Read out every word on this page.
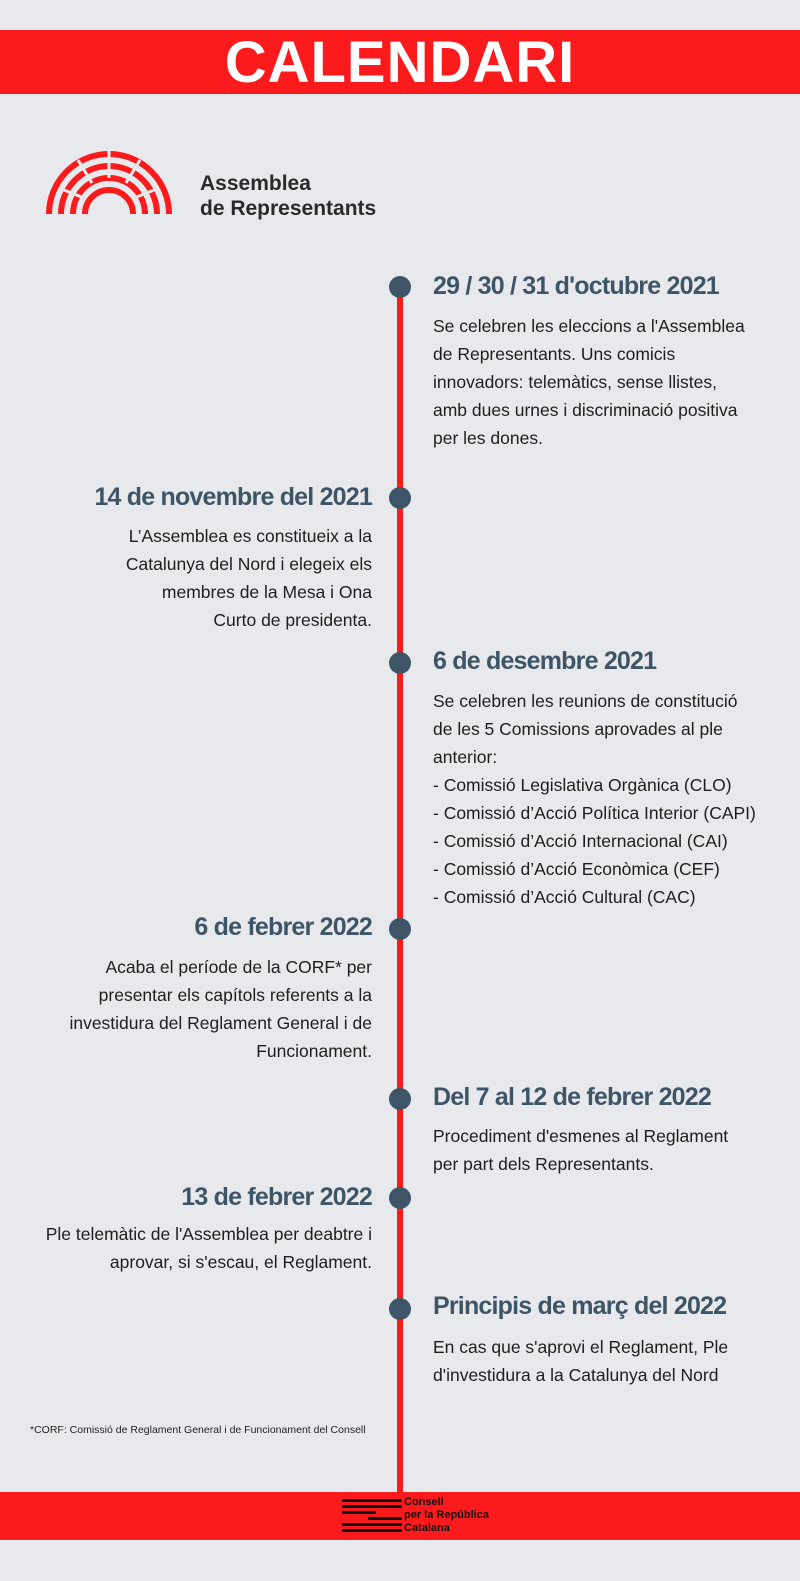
CALENDARI
Assemblea
de Representants
29 / 30 / 31 d'octubre 2021
Se celebren les eleccions a l'Assemblea
de Representants. Uns comicis
innovadors: telemàtics, sense llistes,
amb dues urnes i discriminació positiva
per les dones.
14 de novembre del 2021
L’Assemblea es constitueix a la
Catalunya del Nord i elegeix els
membres de la Mesa i Ona
Curto de presidenta.
6 de desembre 2021
Se celebren les reunions de constitució
de les 5 Comissions aprovades al ple
anterior:
- Comissió Legislativa Orgànica (CLO)
- Comissió d’Acció Política Interior (CAPI)
- Comissió d’Acció Internacional (CAI)
- Comissió d’Acció Econòmica (CEF)
- Comissió d’Acció Cultural (CAC)
6 de febrer 2022
Acaba el període de la CORF* per
presentar els capítols referents a la
investidura del Reglament General i de
Funcionament.
Del 7 al 12 de febrer 2022
Procediment d'esmenes al Reglament
per part dels Representants.
13 de febrer 2022
Ple telemàtic de l'Assemblea per deabtre i
aprovar, si s'escau, el Reglament.
Principis de març del 2022
En cas que s'aprovi el Reglament, Ple
d'investidura a la Catalunya del Nord
*CORF: Comissió de Reglament General i de Funcionament del Consell
Consell
per la República
Catalana
